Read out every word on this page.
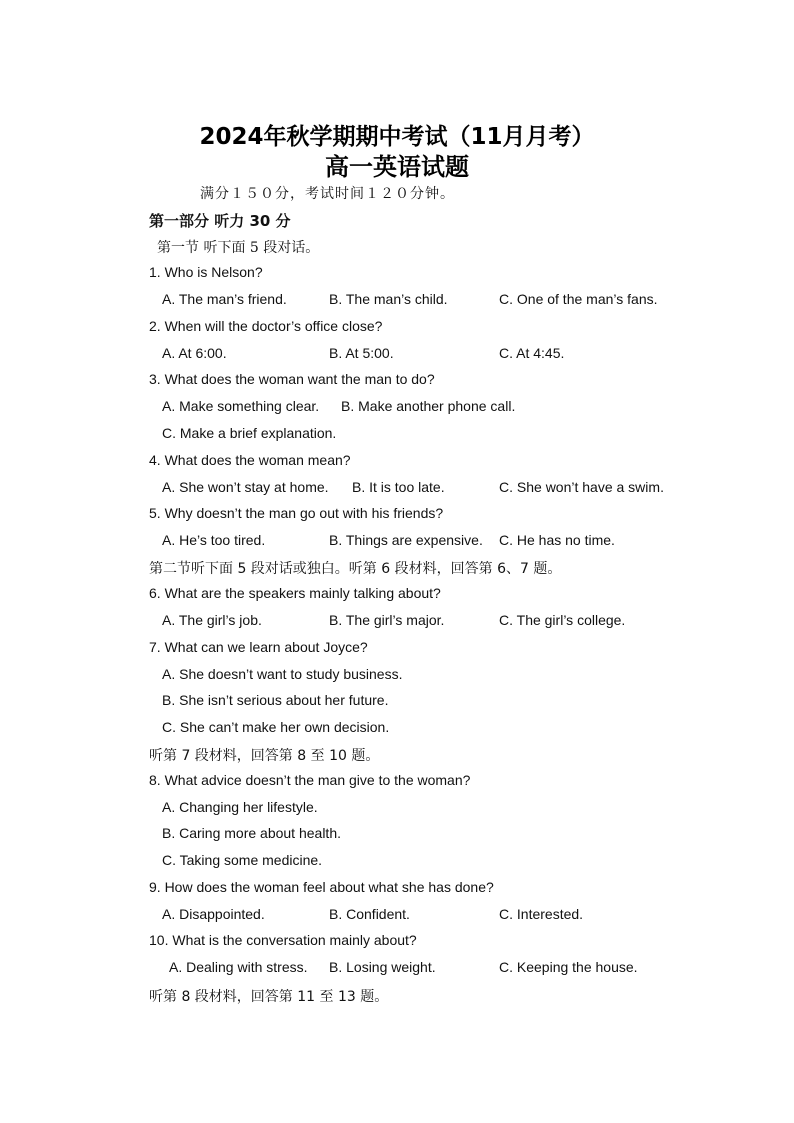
2024年秋学期期中考试（11月月考）
高一英语试题
满分１５０分，考试时间１２０分钟。
第一部分 听力 30 分
第一节 听下面 5 段对话。
1. Who is Nelson?
A. The man’s friend.	B. The man’s child.	C. One of the man’s fans.
2. When will the doctor’s office close?
A. At 6:00.	B. At 5:00.	C. At 4:45.
3. What does the woman want the man to do?
A. Make something clear. B. Make another phone call.
C. Make a brief explanation.
4. What does the woman mean?
A. She won’t stay at home. B. It is too late.	C. She won’t have a swim.
5. Why doesn’t the man go out with his friends?
A. He’s too tired.	B. Things are expensive. C. He has no time.
第二节听下面 5 段对话或独白。听第 6 段材料，回答第 6、7 题。
6. What are the speakers mainly talking about?
A. The girl’s job.	B. The girl’s major.	C. The girl’s college.
7. What can we learn about Joyce?
A. She doesn’t want to study business.
B. She isn’t serious about her future.
C. She can’t make her own decision.
听第 7 段材料，回答第 8 至 10 题。
8. What advice doesn’t the man give to the woman?
A. Changing her lifestyle.
B. Caring more about health.
C. Taking some medicine.
9. How does the woman feel about what she has done?
A. Disappointed.	B. Confident.	C. Interested.
10. What is the conversation mainly about?
A. Dealing with stress. B. Losing weight.	C. Keeping the house.
听第 8 段材料，回答第 11 至 13 题。
